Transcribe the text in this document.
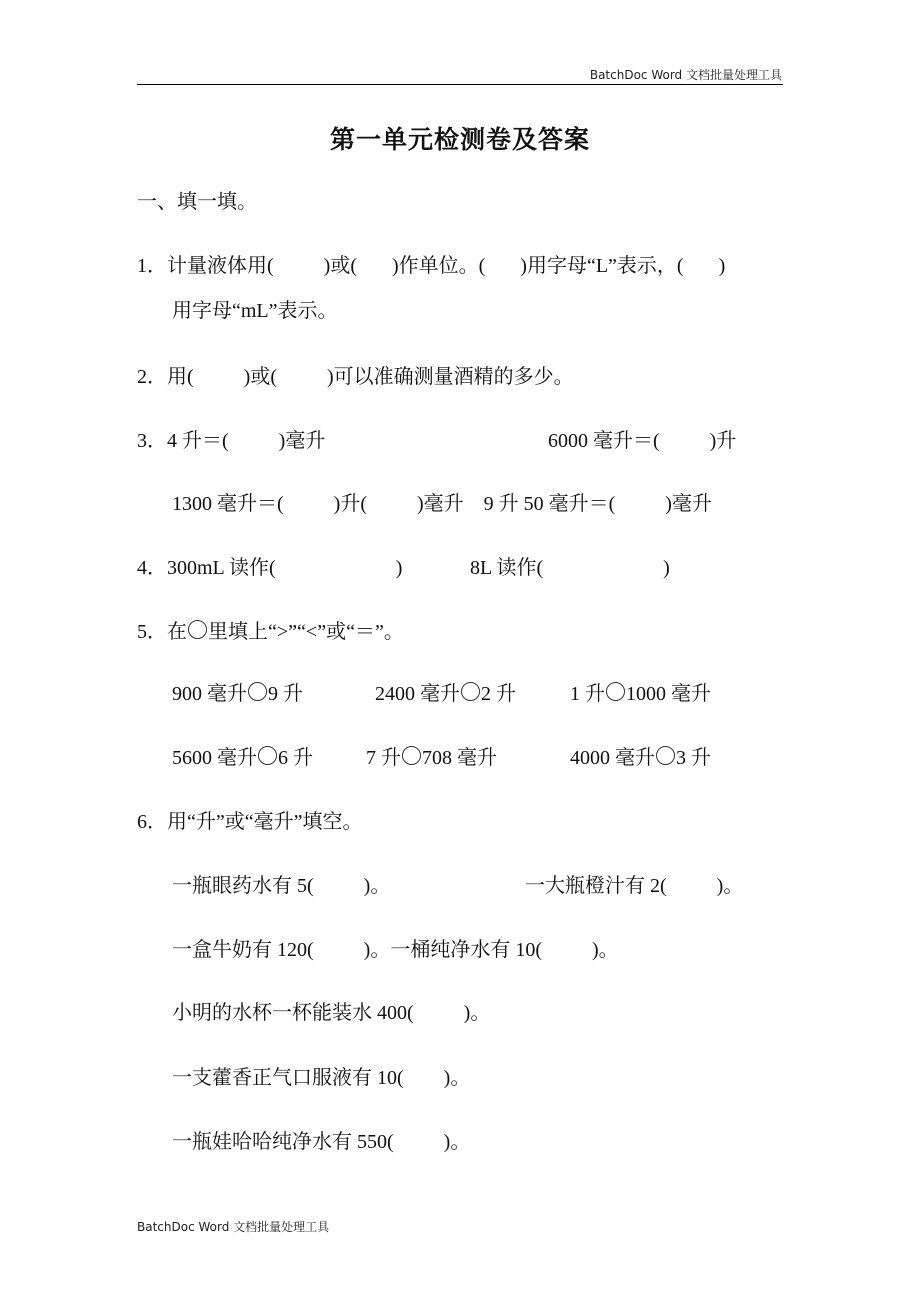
BatchDoc Word 文档批量处理工具
第一单元检测卷及答案
一、填一填。
1．计量液体用(          )或(       )作单位。(       )用字母“L”表示，(       )
用字母“mL”表示。
2．用(          )或(          )可以准确测量酒精的多少。
3．4 升＝(          )毫升	6000 毫升＝(          )升
1300 毫升＝(          )升(          )毫升    9 升 50 毫升＝(          )毫升
4．300mL 读作(                        )	8L 读作(                        )
5．在 里填上“>”“<”或“＝”。
900 毫升 9 升	2400 毫升 2 升	1 升 1000 毫升
5600 毫升 6 升	7 升 708 毫升	4000 毫升 3 升
6．用“升”或“毫升”填空。
一瓶眼药水有 5(          )。	一大瓶橙汁有 2(          )。
一盒牛奶有 120(          )。一桶纯净水有 10(          )。
小明的水杯一杯能装水 400(          )。
一支藿香正气口服液有 10(        )。
一瓶娃哈哈纯净水有 550(          )。
BatchDoc Word 文档批量处理工具
